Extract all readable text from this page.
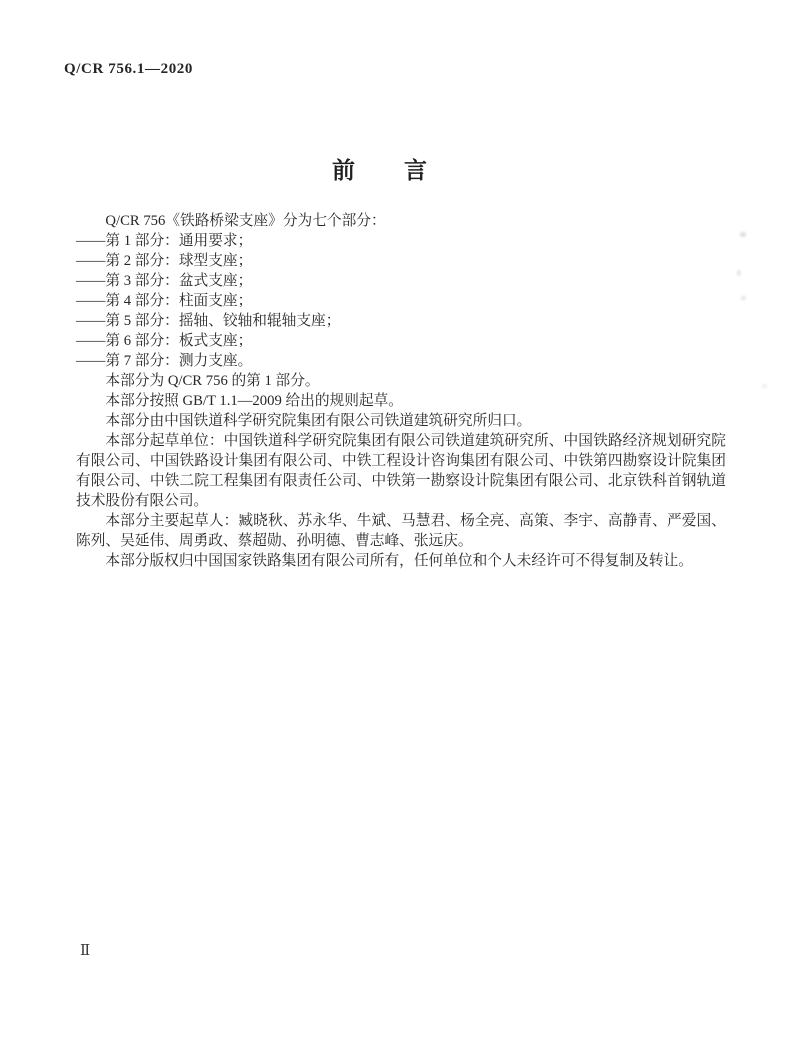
Q/CR 756.1—2020
前　　言

Q/CR 756《铁路桥梁支座》分为七个部分：

——第 1 部分：通用要求；

——第 2 部分：球型支座；

——第 3 部分：盆式支座；

——第 4 部分：柱面支座；

——第 5 部分：摇轴、铰轴和辊轴支座；

——第 6 部分：板式支座；

——第 7 部分：测力支座。

本部分为 Q/CR 756 的第 1 部分。

本部分按照 GB/T 1.1—2009 给出的规则起草。

本部分由中国铁道科学研究院集团有限公司铁道建筑研究所归口。

本部分起草单位：中国铁道科学研究院集团有限公司铁道建筑研究所、中国铁路经济规划研究院有限公司、中国铁路设计集团有限公司、中铁工程设计咨询集团有限公司、中铁第四勘察设计院集团有限公司、中铁二院工程集团有限责任公司、中铁第一勘察设计院集团有限公司、北京铁科首钢轨道技术股份有限公司。

本部分主要起草人：臧晓秋、苏永华、牛斌、马慧君、杨全亮、高策、李宇、高静青、严爱国、陈列、吴延伟、周勇政、蔡超勋、孙明德、曹志峰、张远庆。

本部分版权归中国国家铁路集团有限公司所有，任何单位和个人未经许可不得复制及转让。

Ⅱ
